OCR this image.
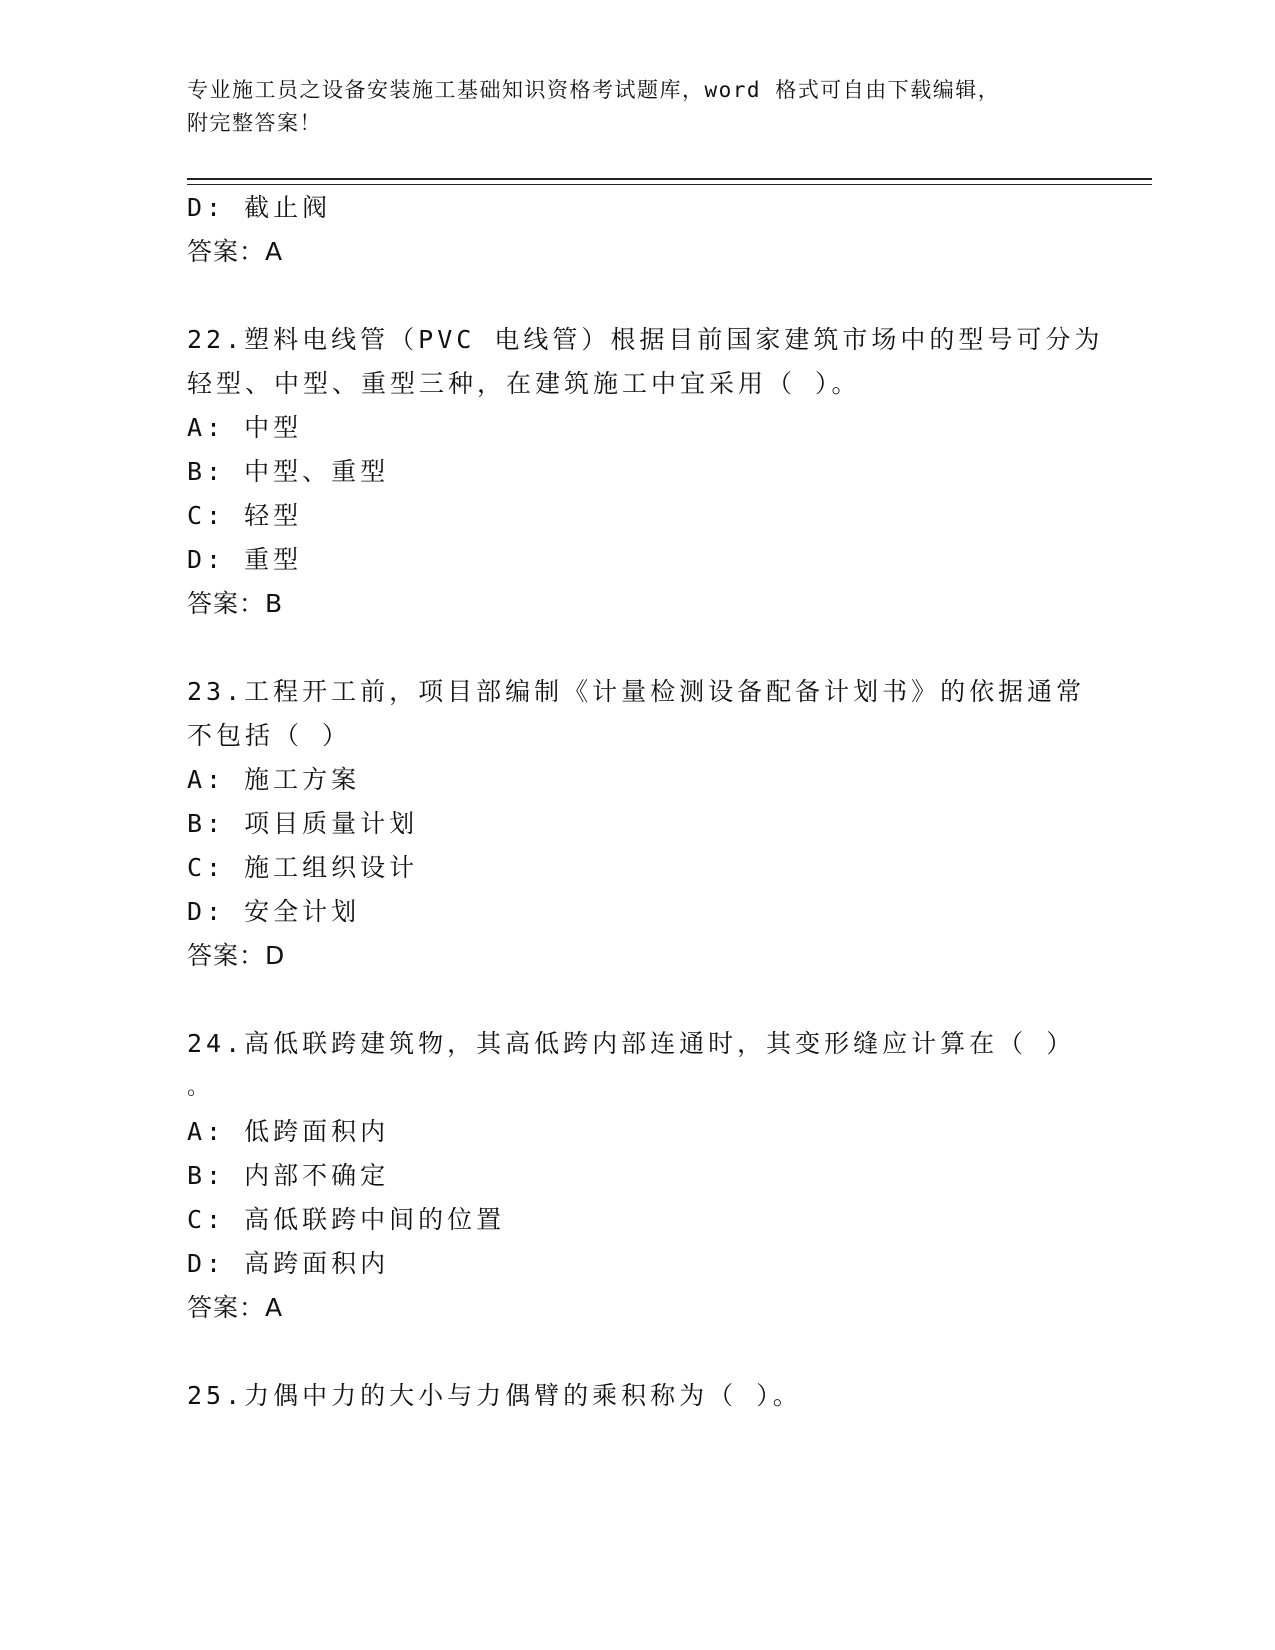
专业施工员之设备安装施工基础知识资格考试题库，word 格式可自由下载编辑，
附完整答案！
D: 截止阀
答案：A
22.塑料电线管（PVC 电线管）根据目前国家建筑市场中的型号可分为
轻型、中型、重型三种，在建筑施工中宜采用（ ）。
A: 中型
B: 中型、重型
C: 轻型
D: 重型
答案：B
23.工程开工前，项目部编制《计量检测设备配备计划书》的依据通常
不包括（ ）
A: 施工方案
B: 项目质量计划
C: 施工组织设计
D: 安全计划
答案：D
24.高低联跨建筑物，其高低跨内部连通时，其变形缝应计算在（ ）
。
A: 低跨面积内
B: 内部不确定
C: 高低联跨中间的位置
D: 高跨面积内
答案：A
25.力偶中力的大小与力偶臂的乘积称为（ ）。
